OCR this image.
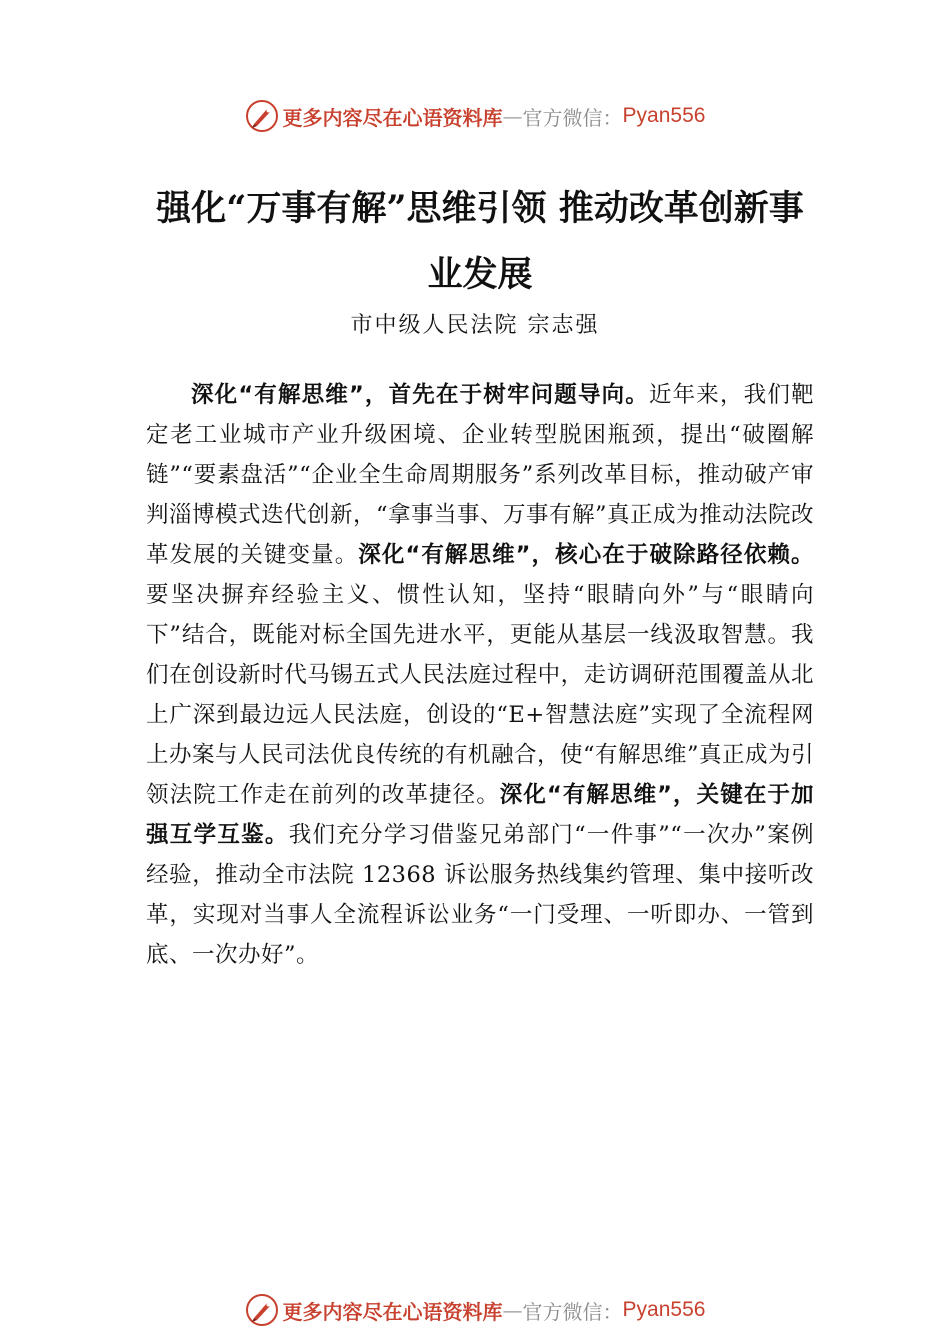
更多内容尽在心语资料库 — 官方微信： Pyan556
强化“万事有解”思维引领 推动改革创新事业发展
市中级人民法院 宗志强

深化“有解思维”，首先在于树牢问题导向。近年来，我们靶定老工业城市产业升级困境、企业转型脱困瓶颈，提出“破圈解链”“要素盘活”“企业全生命周期服务”系列改革目标，推动破产审判淄博模式迭代创新，“拿事当事、万事有解”真正成为推动法院改革发展的关键变量。深化“有解思维”，核心在于破除路径依赖。要坚决摒弃经验主义、惯性认知，坚持“眼睛向外”与“眼睛向下”结合，既能对标全国先进水平，更能从基层一线汲取智慧。我们在创设新时代马锡五式人民法庭过程中，走访调研范围覆盖从北上广深到最边远人民法庭，创设的“E+智慧法庭”实现了全流程网上办案与人民司法优良传统的有机融合，使“有解思维”真正成为引领法院工作走在前列的改革捷径。深化“有解思维”，关键在于加强互学互鉴。我们充分学习借鉴兄弟部门“一件事”“一次办”案例经验，推动全市法院 12368 诉讼服务热线集约管理、集中接听改革，实现对当事人全流程诉讼业务“一门受理、一听即办、一管到底、一次办好”。

更多内容尽在心语资料库 — 官方微信： Pyan556
